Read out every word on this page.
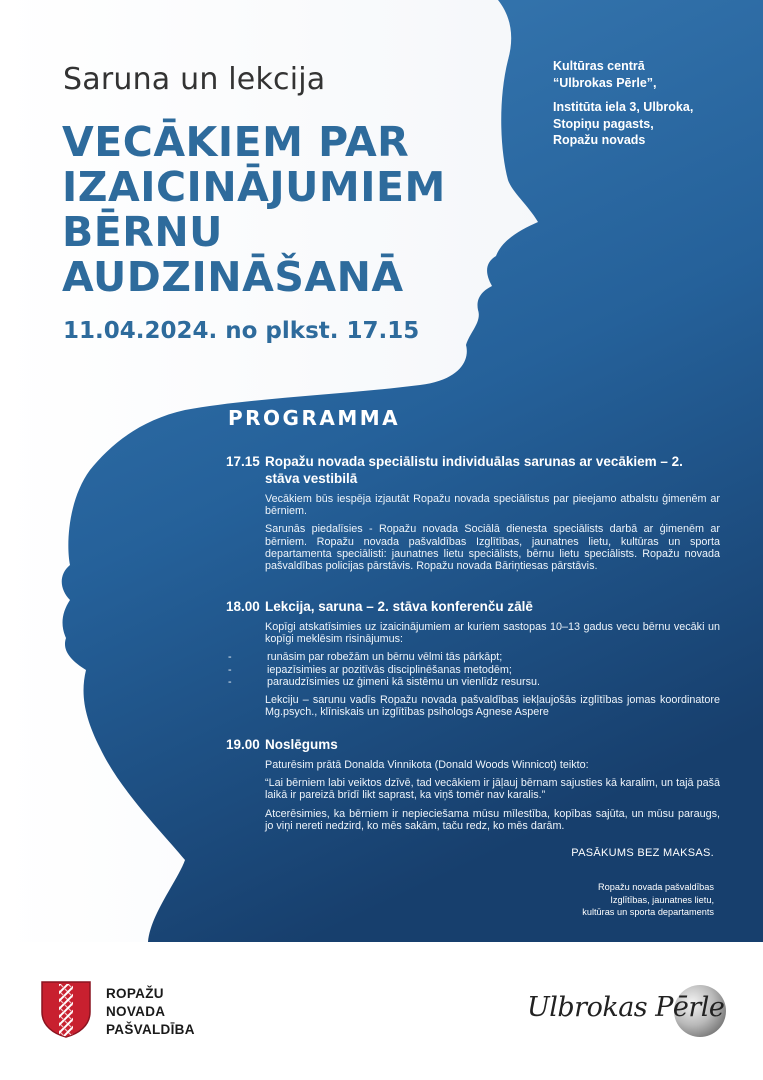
Saruna un lekcija
VECĀKIEM PAR
IZAICINĀJUMIEM
BĒRNU
AUDZINĀŠANĀ
11.04.2024. no plkst. 17.15
Kultūras centrā
“Ulbrokas Pērle”,
Institūta iela 3, Ulbroka,
Stopiņu pagasts,
Ropažu novads
PROGRAMMA
17.15 Ropažu novada speciālistu individuālas sarunas ar vecākiem – 2. stāva vestibilā

Vecākiem būs iespēja izjautāt Ropažu novada speciālistus par pieejamo atbalstu ģimenēm ar bērniem.

Sarunās piedalīsies - Ropažu novada Sociālā dienesta speciālists darbā ar ģimenēm ar bērniem. Ropažu novada pašvaldības Izglītības, jaunatnes lietu, kultūras un sporta departamenta speciālisti: jaunatnes lietu speciālists, bērnu lietu speciālists. Ropažu novada pašvaldības policijas pārstāvis. Ropažu novada Bāriņtiesas pārstāvis.

18.00 Lekcija, saruna – 2. stāva konferenču zālē

Kopīgi atskatīsimies uz izaicinājumiem ar kuriem sastopas 10–13 gadus vecu bērnu vecāki un kopīgi meklēsim risinājumus:

-	runāsim par robežām un bērnu vēlmi tās pārkāpt;
-	iepazīsimies ar pozitīvās disciplinēšanas metodēm;
-	paraudzīsimies uz ģimeni kā sistēmu un vienlīdz resursu.

Lekciju – sarunu vadīs Ropažu novada pašvaldības iekļaujošās izglītības jomas koordinatore Mg.psych., klīniskais un izglītības psihologs Agnese Aspere

19.00 Noslēgums

Paturēsim prātā Donalda Vinnikota (Donald Woods Winnicot) teikto:

“Lai bērniem labi veiktos dzīvē, tad vecākiem ir jāļauj bērnam sajusties kā karalim, un tajā pašā laikā ir pareizā brīdī likt saprast, ka viņš tomēr nav karalis.”

Atcerēsimies, ka bērniem ir nepieciešama mūsu mīlestība, kopības sajūta, un mūsu paraugs, jo viņi nereti nedzird, ko mēs sakām, taču redz, ko mēs darām.

PASĀKUMS BEZ MAKSAS.
Ropažu novada pašvaldības
Izglītības, jaunatnes lietu,
kultūras un sporta departaments
ROPAŽU
NOVADA
PAŠVALDĪBA
Ulbrokas Pērle
